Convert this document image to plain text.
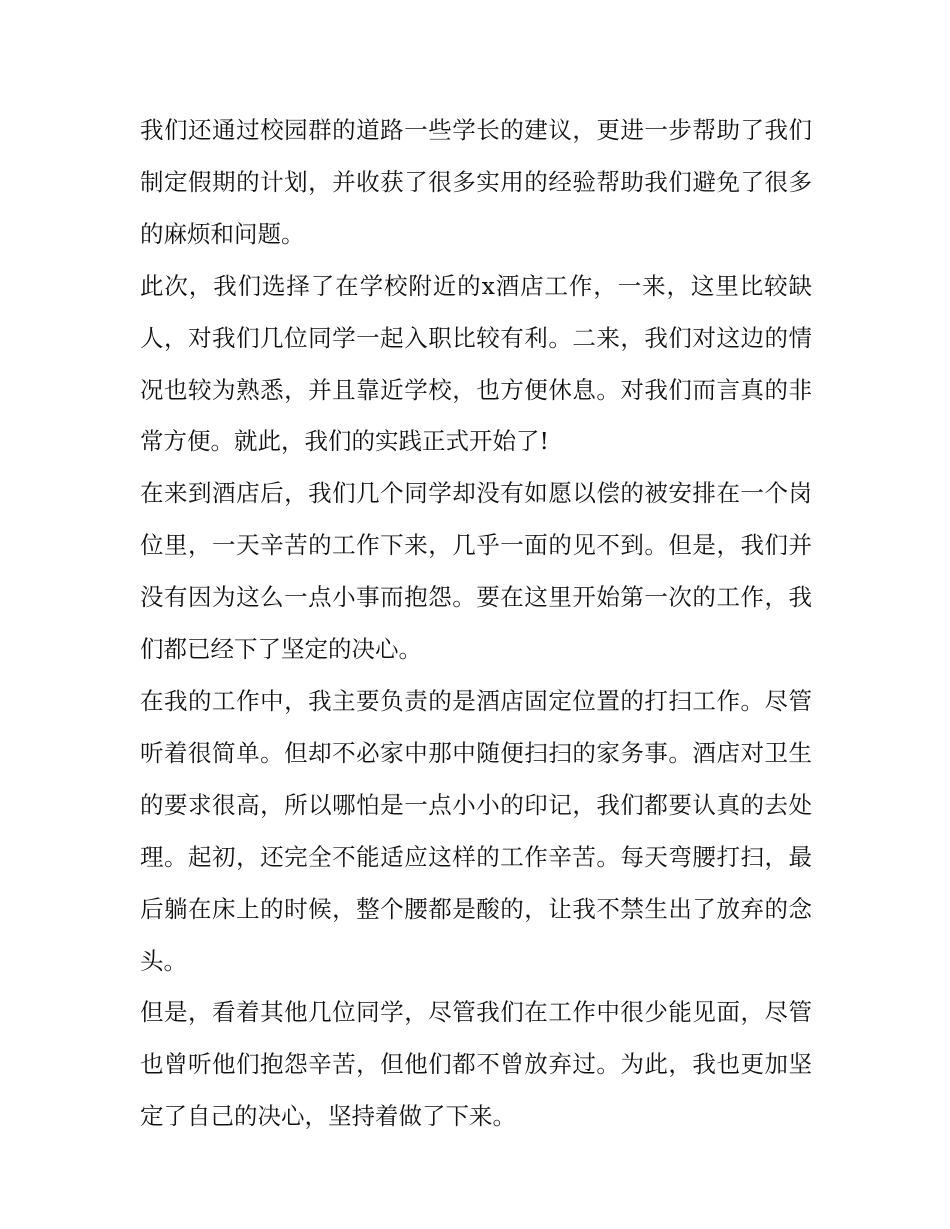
我们还通过校园群的道路一些学长的建议，更进一步帮助了我们制定假期的计划，并收获了很多实用的经验帮助我们避免了很多的麻烦和问题。

此次，我们选择了在学校附近的x酒店工作，一来，这里比较缺人，对我们几位同学一起入职比较有利。二来，我们对这边的情况也较为熟悉，并且靠近学校，也方便休息。对我们而言真的非常方便。就此，我们的实践正式开始了!

在来到酒店后，我们几个同学却没有如愿以偿的被安排在一个岗位里，一天辛苦的工作下来，几乎一面的见不到。但是，我们并没有因为这么一点小事而抱怨。要在这里开始第一次的工作，我们都已经下了坚定的决心。

在我的工作中，我主要负责的是酒店固定位置的打扫工作。尽管听着很简单。但却不必家中那中随便扫扫的家务事。酒店对卫生的要求很高，所以哪怕是一点小小的印记，我们都要认真的去处理。起初，还完全不能适应这样的工作辛苦。每天弯腰打扫，最后躺在床上的时候，整个腰都是酸的，让我不禁生出了放弃的念头。

但是，看着其他几位同学，尽管我们在工作中很少能见面，尽管也曾听他们抱怨辛苦，但他们都不曾放弃过。为此，我也更加坚定了自己的决心，坚持着做了下来。
